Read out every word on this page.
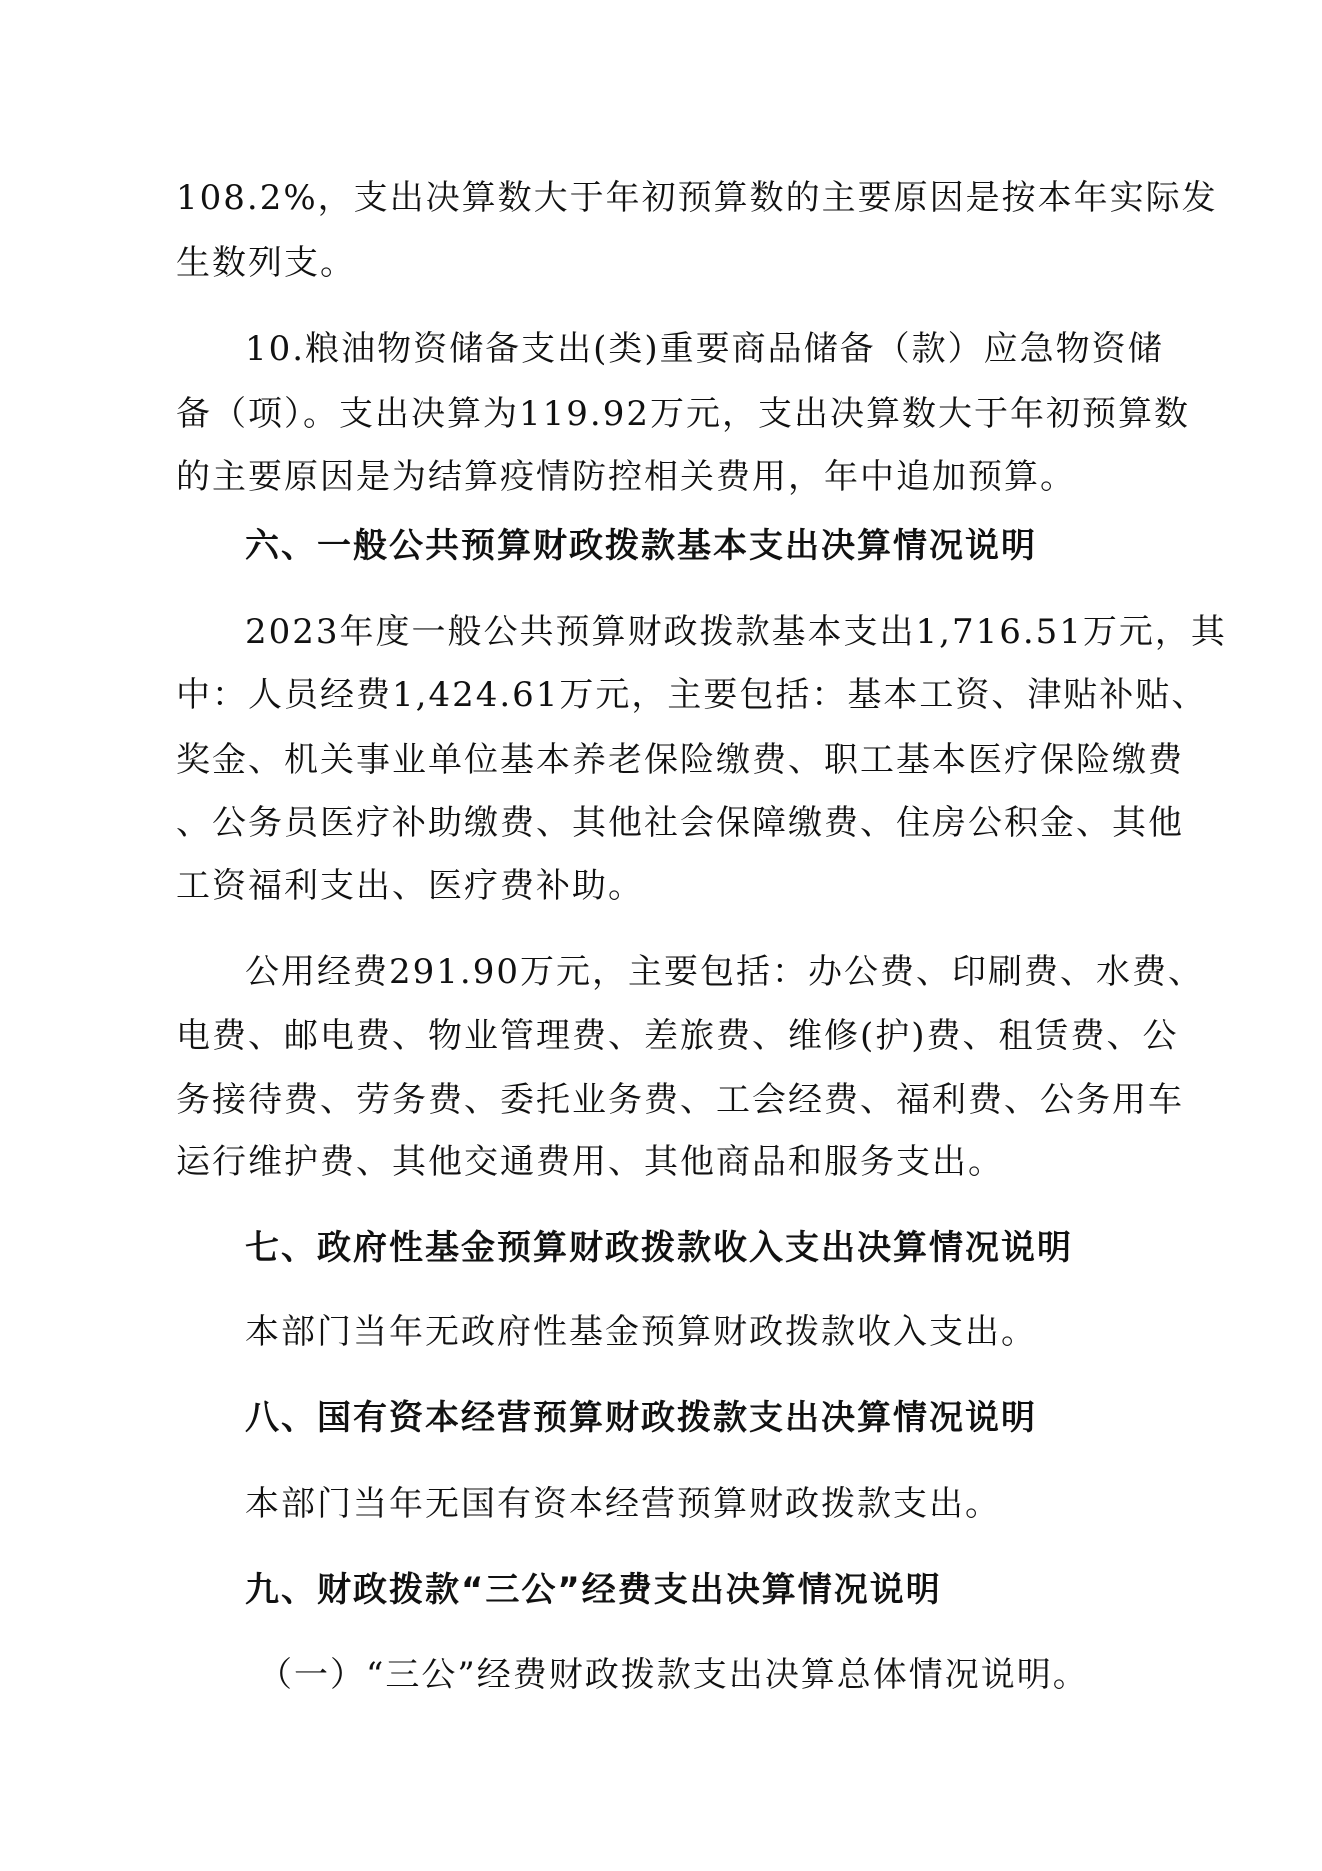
108.2%，支出决算数大于年初预算数的主要原因是按本年实际发
生数列支。
10.粮油物资储备支出(类)重要商品储备（款）应急物资储
备（项）。支出决算为119.92万元，支出决算数大于年初预算数
的主要原因是为结算疫情防控相关费用，年中追加预算。
六、一般公共预算财政拨款基本支出决算情况说明
2023年度一般公共预算财政拨款基本支出1,716.51万元，其
中：人员经费1,424.61万元，主要包括：基本工资、津贴补贴、
奖金、机关事业单位基本养老保险缴费、职工基本医疗保险缴费
、公务员医疗补助缴费、其他社会保障缴费、住房公积金、其他
工资福利支出、医疗费补助。
公用经费291.90万元，主要包括：办公费、印刷费、水费、
电费、邮电费、物业管理费、差旅费、维修(护)费、租赁费、公
务接待费、劳务费、委托业务费、工会经费、福利费、公务用车
运行维护费、其他交通费用、其他商品和服务支出。
七、政府性基金预算财政拨款收入支出决算情况说明
本部门当年无政府性基金预算财政拨款收入支出。
八、国有资本经营预算财政拨款支出决算情况说明
本部门当年无国有资本经营预算财政拨款支出。
九、财政拨款“三公”经费支出决算情况说明
（一）“三公”经费财政拨款支出决算总体情况说明。
